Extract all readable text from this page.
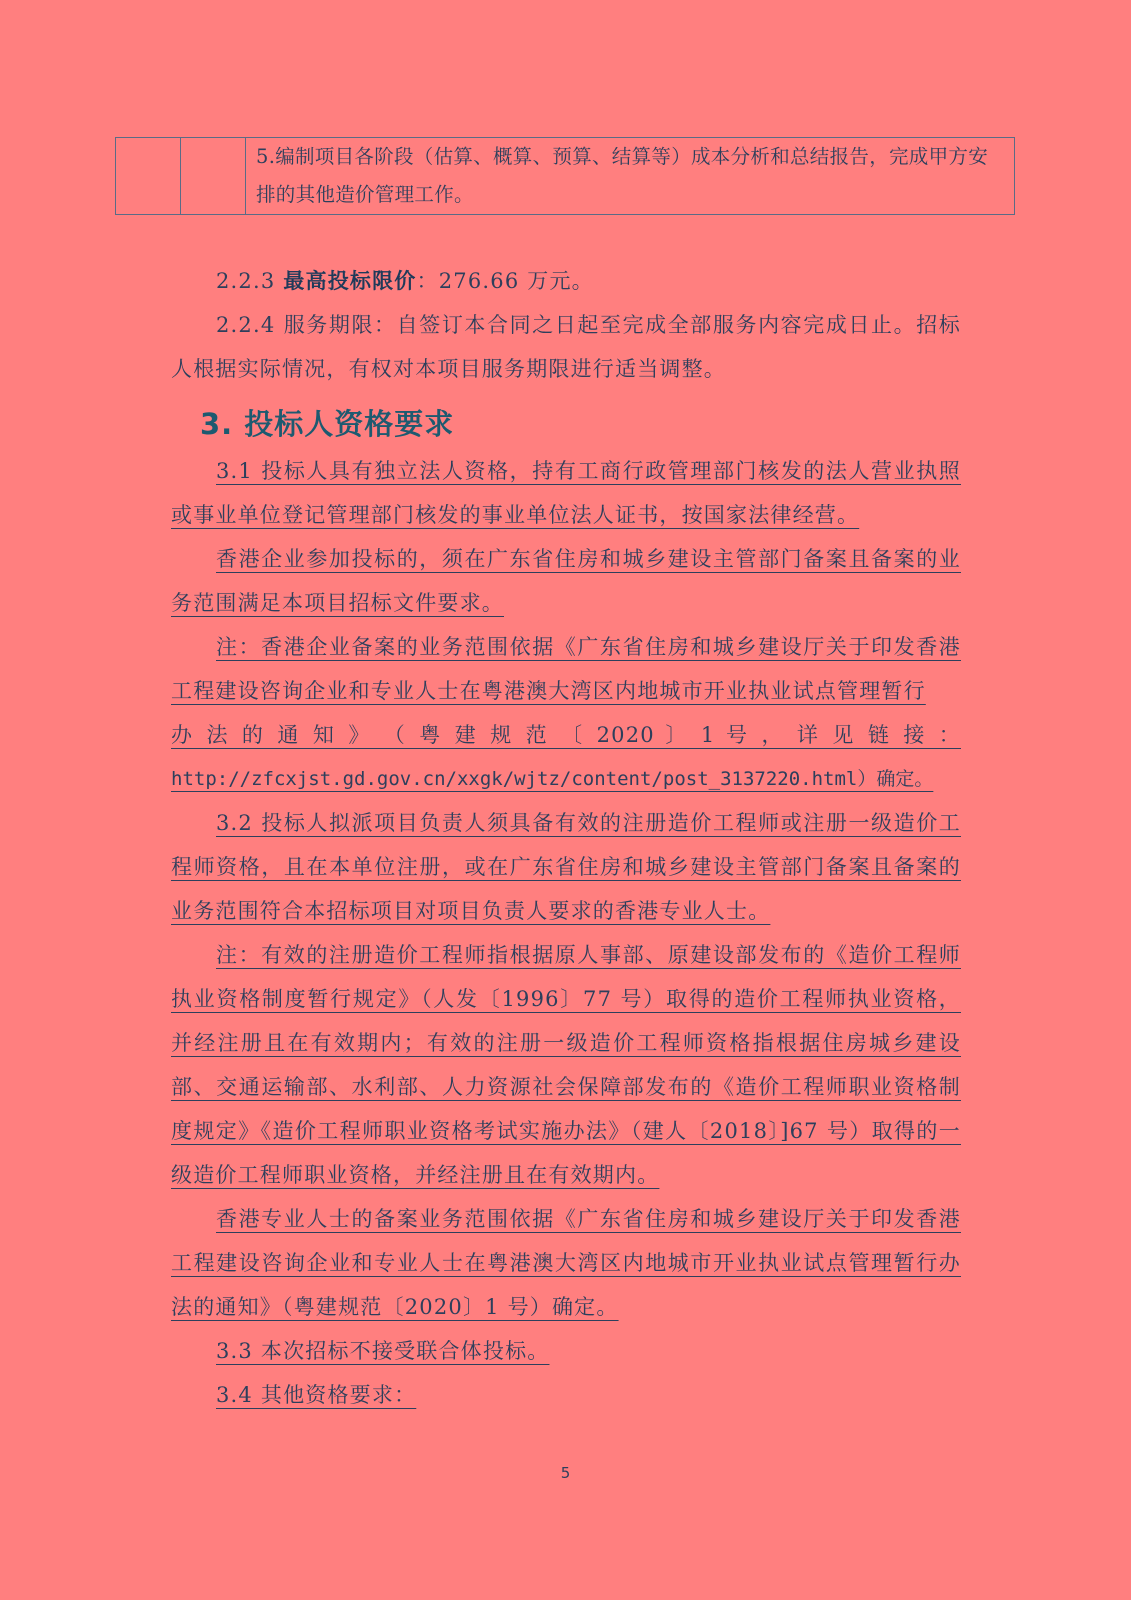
5.编制项目各阶段（估算、概算、预算、结算等）成本分析和总结报告，完成甲方安排的其他造价管理工作。
2.2.3 最高投标限价：276.66 万元。
2.2.4 服务期限：自签订本合同之日起至完成全部服务内容完成日止。招标人根据实际情况，有权对本项目服务期限进行适当调整。
3. 投标人资格要求
3.1 投标人具有独立法人资格，持有工商行政管理部门核发的法人营业执照或事业单位登记管理部门核发的事业单位法人证书，按国家法律经营。
香港企业参加投标的，须在广东省住房和城乡建设主管部门备案且备案的业务范围满足本项目招标文件要求。
注：香港企业备案的业务范围依据《广东省住房和城乡建设厅关于印发香港工程建设咨询企业和专业人士在粤港澳大湾区内地城市开业执业试点管理暂行
办 法 的 通 知 》 （ 粤 建 规 范 〔 2020 〕 1 号 ， 详 见 链 接 ：
http://zfcxjst.gd.gov.cn/xxgk/wjtz/content/post_3137220.html）确定。
3.2 投标人拟派项目负责人须具备有效的注册造价工程师或注册一级造价工程师资格，且在本单位注册，或在广东省住房和城乡建设主管部门备案且备案的业务范围符合本招标项目对项目负责人要求的香港专业人士。
注：有效的注册造价工程师指根据原人事部、原建设部发布的《造价工程师执业资格制度暂行规定》（人发〔1996〕77 号）取得的造价工程师执业资格，并经注册且在有效期内；有效的注册一级造价工程师资格指根据住房城乡建设部、交通运输部、水利部、人力资源社会保障部发布的《造价工程师职业资格制度规定》《造价工程师职业资格考试实施办法》（建人〔2018〕]67 号）取得的一级造价工程师职业资格，并经注册且在有效期内。
香港专业人士的备案业务范围依据《广东省住房和城乡建设厅关于印发香港工程建设咨询企业和专业人士在粤港澳大湾区内地城市开业执业试点管理暂行办法的通知》（粤建规范〔2020〕1 号）确定。
3.3 本次招标不接受联合体投标。
3.4 其他资格要求：
5
